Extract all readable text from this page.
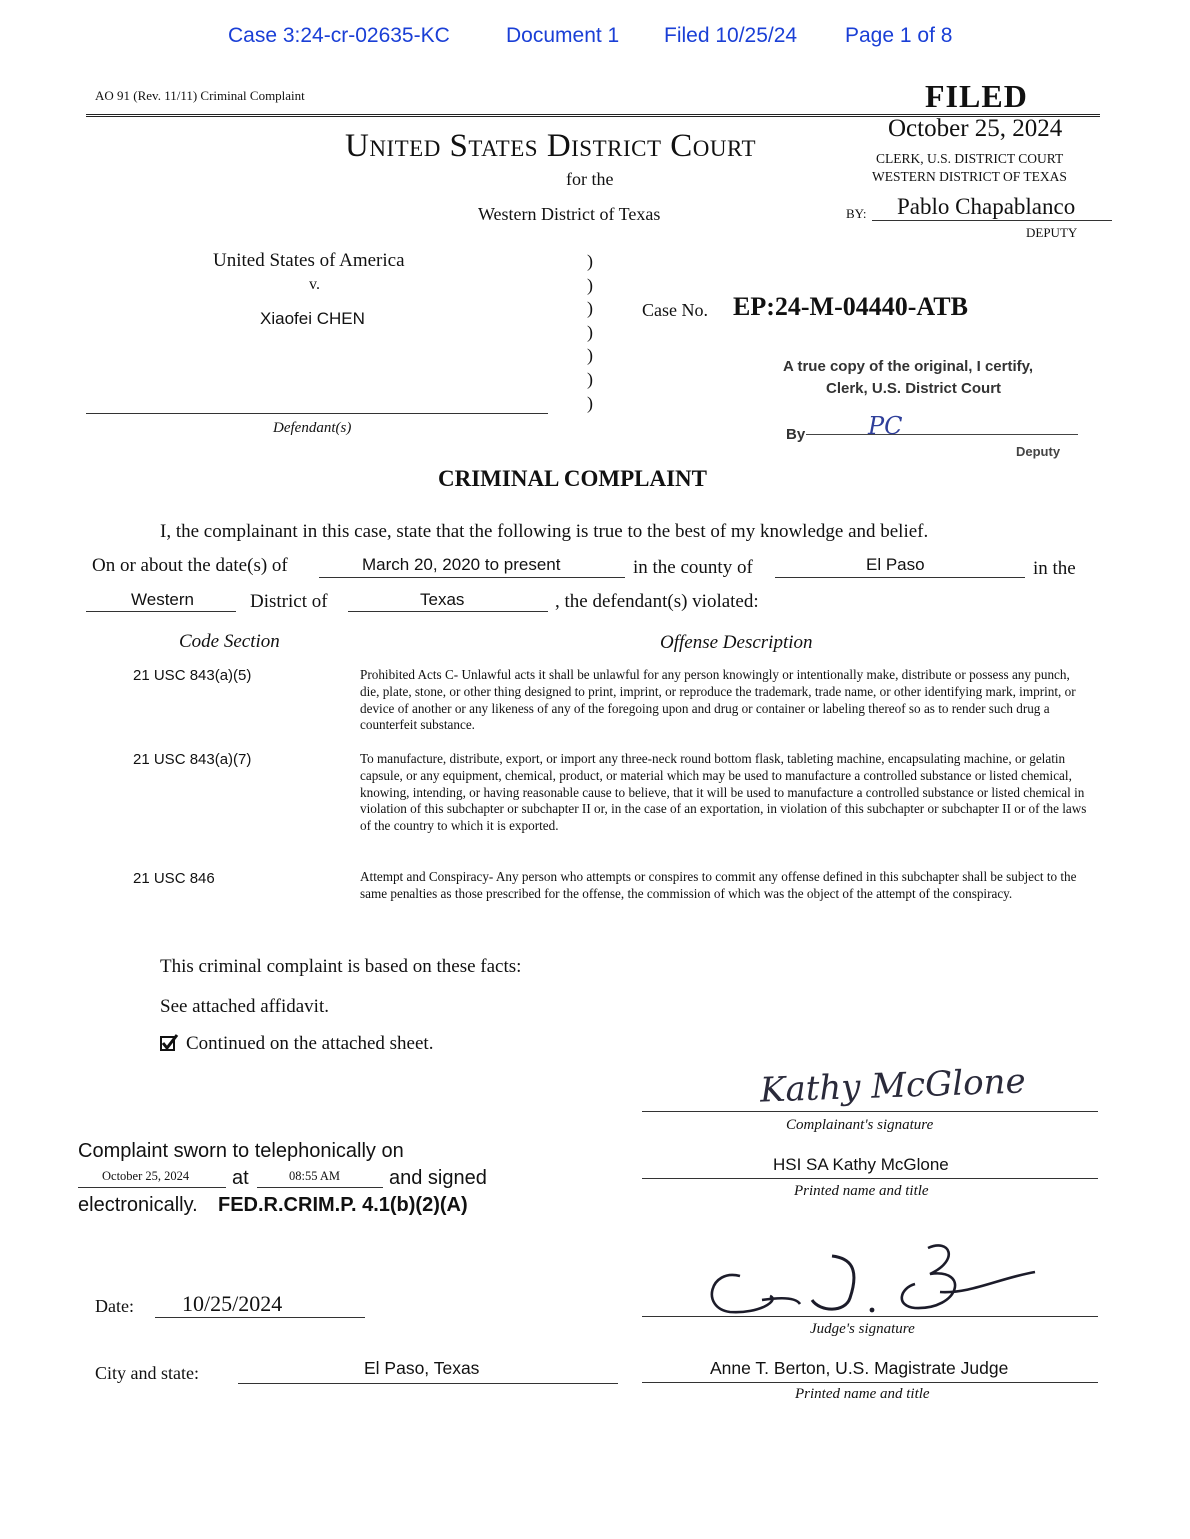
Case 3:24-cr-02635-KC	Document 1 Filed 10/25/24 Page 1 of 8
AO 91 (Rev. 11/11) Criminal Complaint	FILED
October 25, 2024
CLERK, U.S. DISTRICT COURT
WESTERN DISTRICT OF TEXAS
BY: Pablo Chapablanco
DEPUTY
United States District Court
for the
Western District of Texas
United States of America
v.
Xiaofei CHEN
Defendant(s)
)
)
)
)
)
)
)
Case No. EP:24-M-04440-ATB
A true copy of the original, I certify,
Clerk, U.S. District Court
By	PC
Deputy
CRIMINAL COMPLAINT
I, the complainant in this case, state that the following is true to the best of my knowledge and belief.
On or about the date(s) of	March 20, 2020 to present	in the county of	El Paso	in the
Western	District of	Texas	, the defendant(s) violated:
Code Section	Offense Description
21 USC 843(a)(5)	Prohibited Acts C- Unlawful acts it shall be unlawful for any person knowingly or intentionally make, distribute or possess any punch, die, plate, stone, or other thing designed to print, imprint, or reproduce the trademark, trade name, or other identifying mark, imprint, or device of another or any likeness of any of the foregoing upon and drug or container or labeling thereof so as to render such drug a counterfeit substance.
21 USC 843(a)(7)	To manufacture, distribute, export, or import any three-neck round bottom flask, tableting machine, encapsulating machine, or gelatin capsule, or any equipment, chemical, product, or material which may be used to manufacture a controlled substance or listed chemical, knowing, intending, or having reasonable cause to believe, that it will be used to manufacture a controlled substance or listed chemical in violation of this subchapter or subchapter II or, in the case of an exportation, in violation of this subchapter or subchapter II or of the laws of the country to which it is exported.
21 USC 846	Attempt and Conspiracy- Any person who attempts or conspires to commit any offense defined in this subchapter shall be subject to the same penalties as those prescribed for the offense, the commission of which was the object of the attempt of the conspiracy.
This criminal complaint is based on these facts:
See attached affidavit.
Continued on the attached sheet.
Complaint sworn to telephonically on
October 25, 2024 at	08:55 AM and signed
electronically. FED.R.CRIM.P. 4.1(b)(2)(A)
Kathy McGlone
Complainant's signature
HSI SA Kathy McGlone
Printed name and title
Judge's signature
Anne T. Berton, U.S. Magistrate Judge
Printed name and title
Date: 10/25/2024
City and state:	El Paso, Texas
